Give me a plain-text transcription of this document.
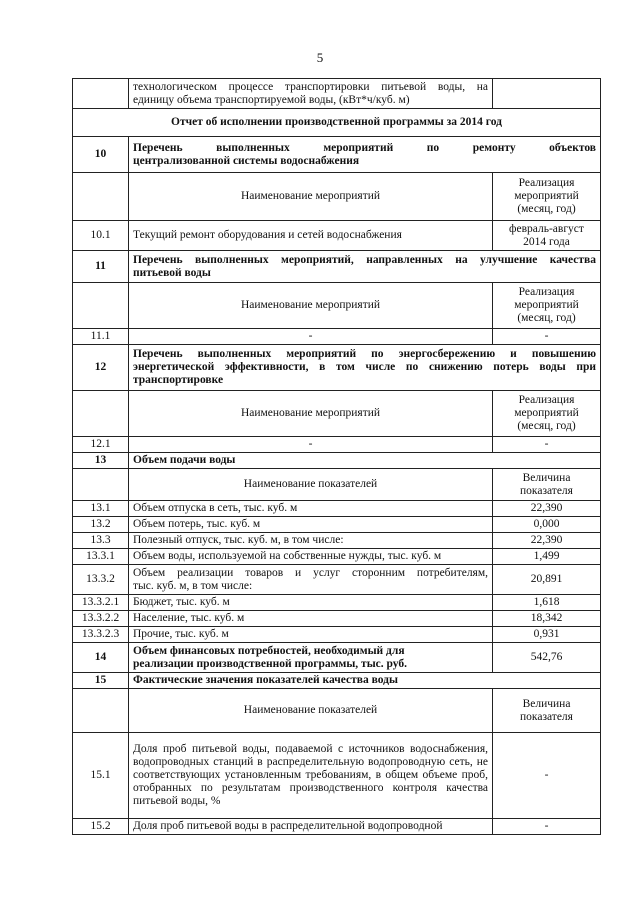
5

	технологическом процессе транспортировки питьевой воды, на
единицу объема транспортируемой воды, (кВт*ч/куб. м)	
Отчет об исполнении производственной программы за 2014 год		
10	Перечень выполненных мероприятий по ремонту объектов
централизованной системы водоснабжения	
	Наименование мероприятий	Реализация мероприятий (месяц, год)
10.1	Текущий ремонт оборудования и сетей водоснабжения	февраль-август 2014 года
11	Перечень выполненных мероприятий, направленных на улучшение качества
питьевой воды	
	Наименование мероприятий	Реализация мероприятий (месяц, год)
11.1	-	-
12	Перечень выполненных мероприятий по энергосбережению и повышению
энергетической эффективности, в том числе по снижению потерь воды при
транспортировке	
	Наименование мероприятий	Реализация мероприятий (месяц, год)
12.1	-	-
13	Объем подачи воды	
	Наименование показателей	Величина показателя
13.1	Объем отпуска в сеть, тыс. куб. м	22,390
13.2	Объем потерь, тыс. куб. м	0,000
13.3	Полезный отпуск, тыс. куб. м, в том числе:	22,390
13.3.1	Объем воды, используемой на собственные нужды, тыс. куб. м	1,499
13.3.2	Объем реализации товаров и услуг сторонним потребителям,
тыс. куб. м, в том числе:	20,891
13.3.2.1	Бюджет, тыс. куб. м	1,618
13.3.2.2	Население, тыс. куб. м	18,342
13.3.2.3	Прочие, тыс. куб. м	0,931
14	Объем финансовых потребностей, необходимый для
реализации производственной программы, тыс. руб.	542,76
15	Фактические значения показателей качества воды	
	Наименование показателей	Величина показателя
15.1	Доля проб питьевой воды, подаваемой с источников водоснабжения, водопроводных станций в распределительную водопроводную сеть, не соответствующих установленным требованиям, в общем объеме проб, отобранных по результатам производственного контроля качества питьевой воды, %	-
15.2	Доля проб питьевой воды в распределительной водопроводной	-
